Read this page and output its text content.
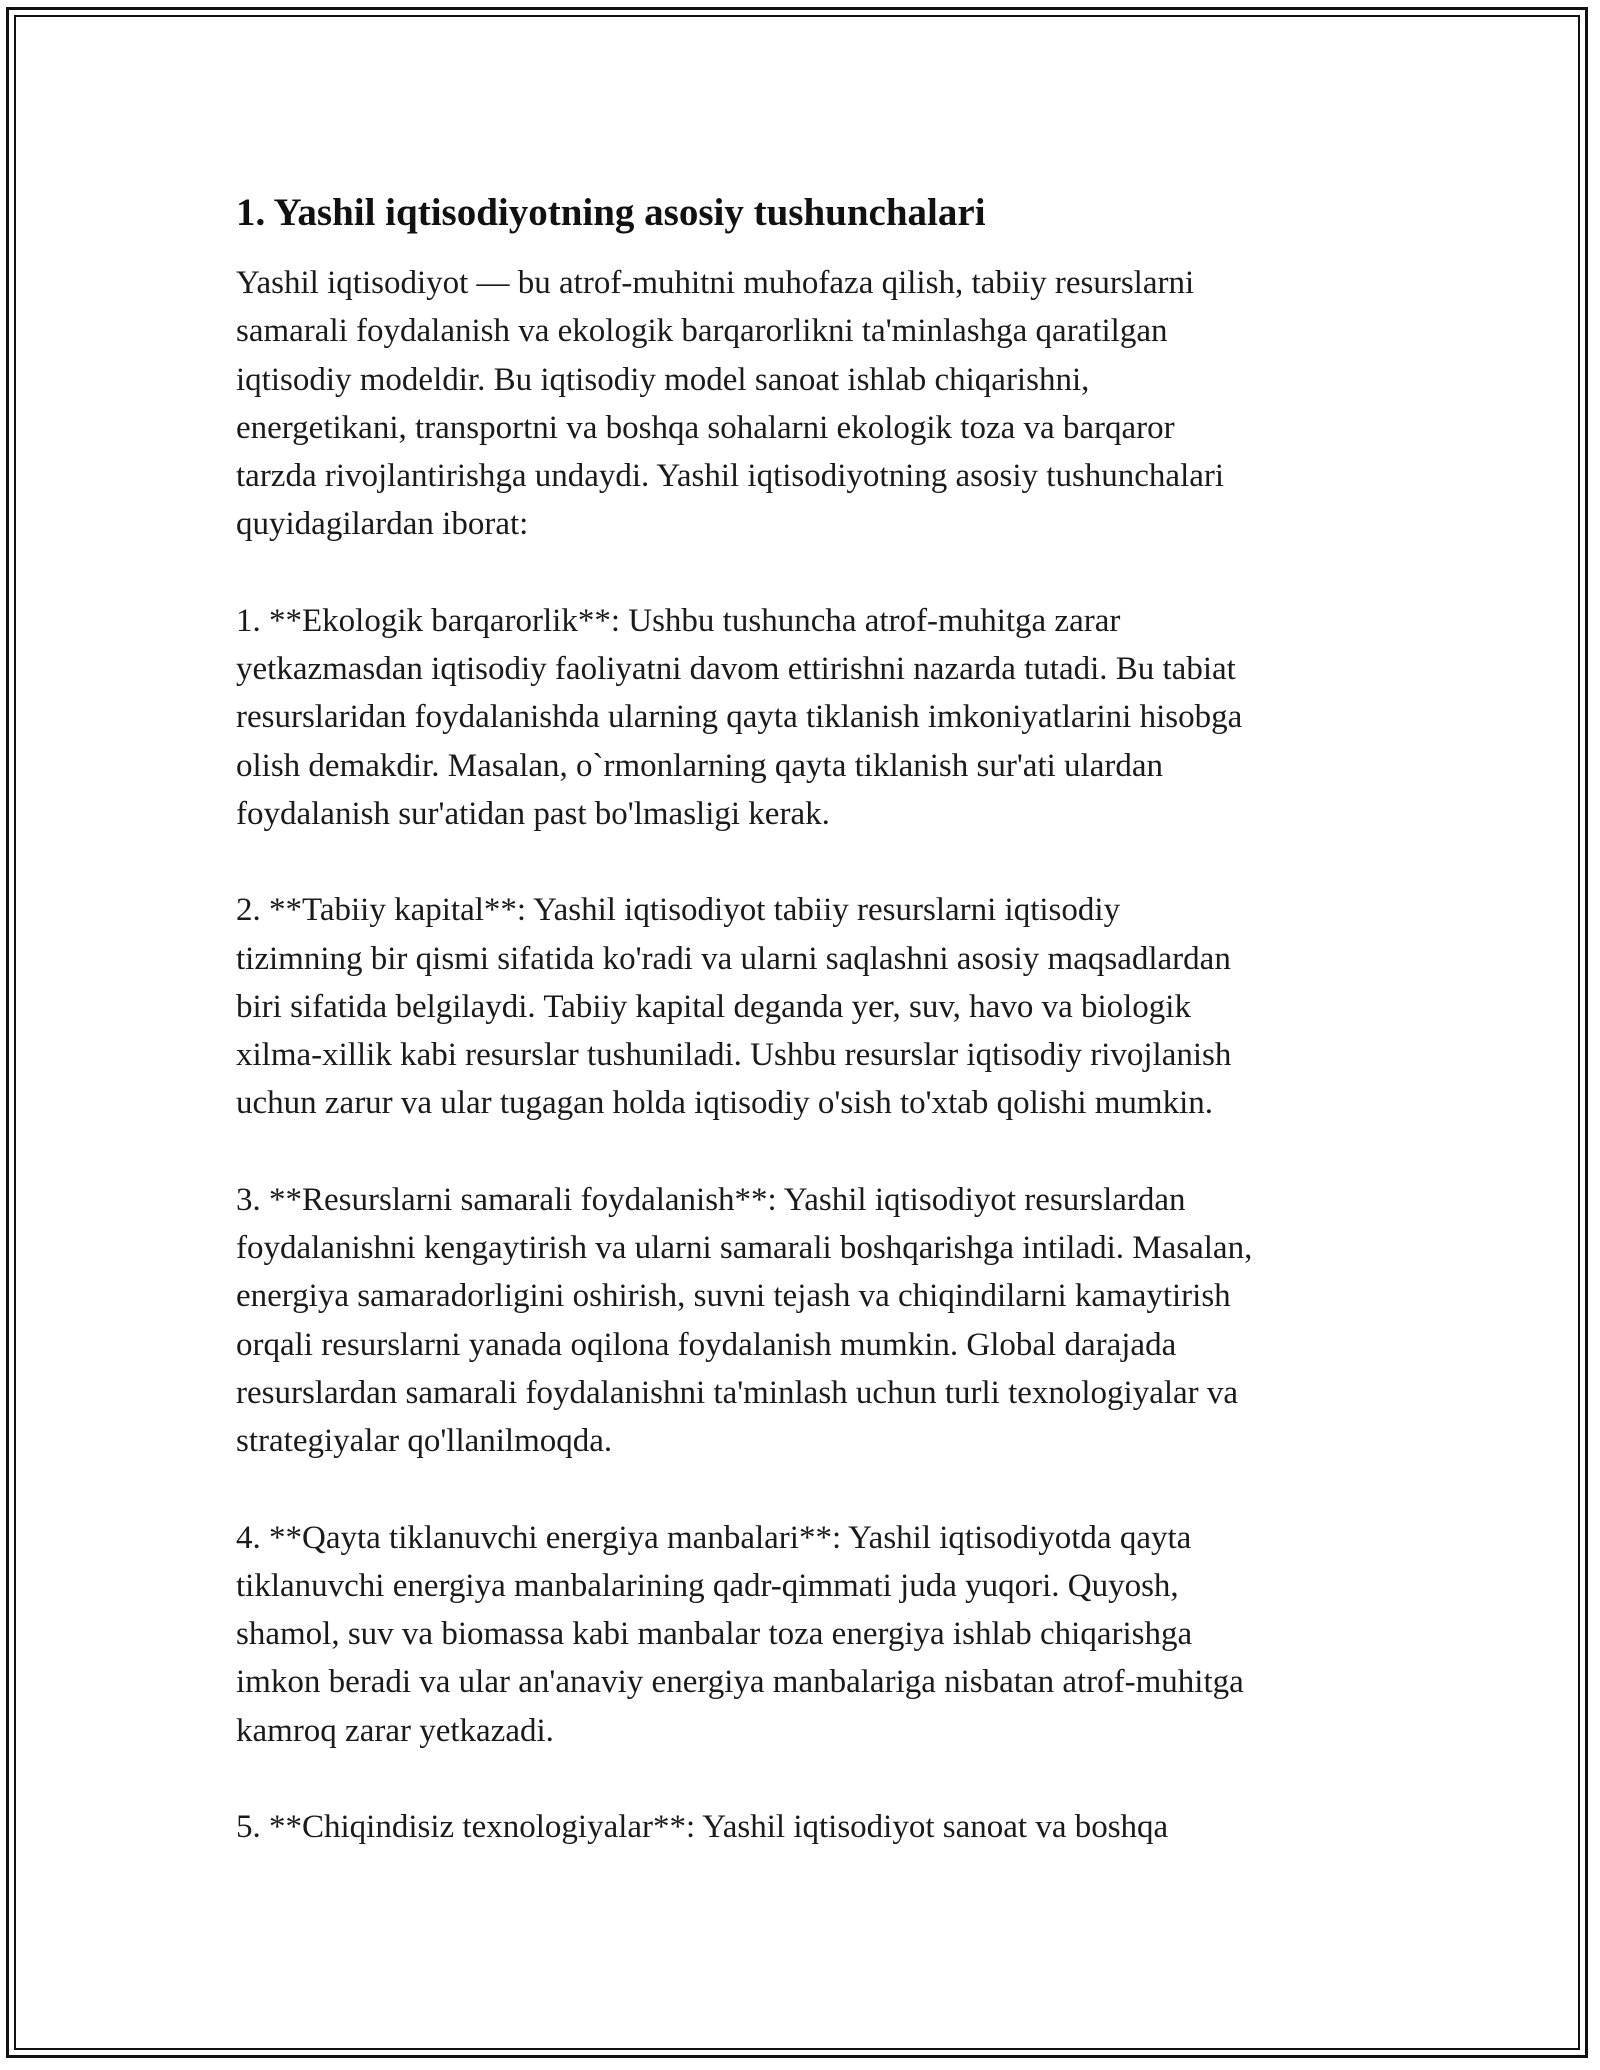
1. Yashil iqtisodiyotning asosiy tushunchalari

Yashil iqtisodiyot — bu atrof-muhitni muhofaza qilish, tabiiy resurslarni
samarali foydalanish va ekologik barqarorlikni ta'minlashga qaratilgan
iqtisodiy modeldir. Bu iqtisodiy model sanoat ishlab chiqarishni,
energetikani, transportni va boshqa sohalarni ekologik toza va barqaror
tarzda rivojlantirishga undaydi. Yashil iqtisodiyotning asosiy tushunchalari
quyidagilardan iborat:

1. **Ekologik barqarorlik**: Ushbu tushuncha atrof-muhitga zarar
yetkazmasdan iqtisodiy faoliyatni davom ettirishni nazarda tutadi. Bu tabiat
resurslaridan foydalanishda ularning qayta tiklanish imkoniyatlarini hisobga
olish demakdir. Masalan, o`rmonlarning qayta tiklanish sur'ati ulardan
foydalanish sur'atidan past bo'lmasligi kerak.

2. **Tabiiy kapital**: Yashil iqtisodiyot tabiiy resurslarni iqtisodiy
tizimning bir qismi sifatida ko'radi va ularni saqlashni asosiy maqsadlardan
biri sifatida belgilaydi. Tabiiy kapital deganda yer, suv, havo va biologik
xilma-xillik kabi resurslar tushuniladi. Ushbu resurslar iqtisodiy rivojlanish
uchun zarur va ular tugagan holda iqtisodiy o'sish to'xtab qolishi mumkin.

3. **Resurslarni samarali foydalanish**: Yashil iqtisodiyot resurslardan
foydalanishni kengaytirish va ularni samarali boshqarishga intiladi. Masalan,
energiya samaradorligini oshirish, suvni tejash va chiqindilarni kamaytirish
orqali resurslarni yanada oqilona foydalanish mumkin. Global darajada
resurslardan samarali foydalanishni ta'minlash uchun turli texnologiyalar va
strategiyalar qo'llanilmoqda.

4. **Qayta tiklanuvchi energiya manbalari**: Yashil iqtisodiyotda qayta
tiklanuvchi energiya manbalarining qadr-qimmati juda yuqori. Quyosh,
shamol, suv va biomassa kabi manbalar toza energiya ishlab chiqarishga
imkon beradi va ular an'anaviy energiya manbalariga nisbatan atrof-muhitga
kamroq zarar yetkazadi.

5. **Chiqindisiz texnologiyalar**: Yashil iqtisodiyot sanoat va boshqa
